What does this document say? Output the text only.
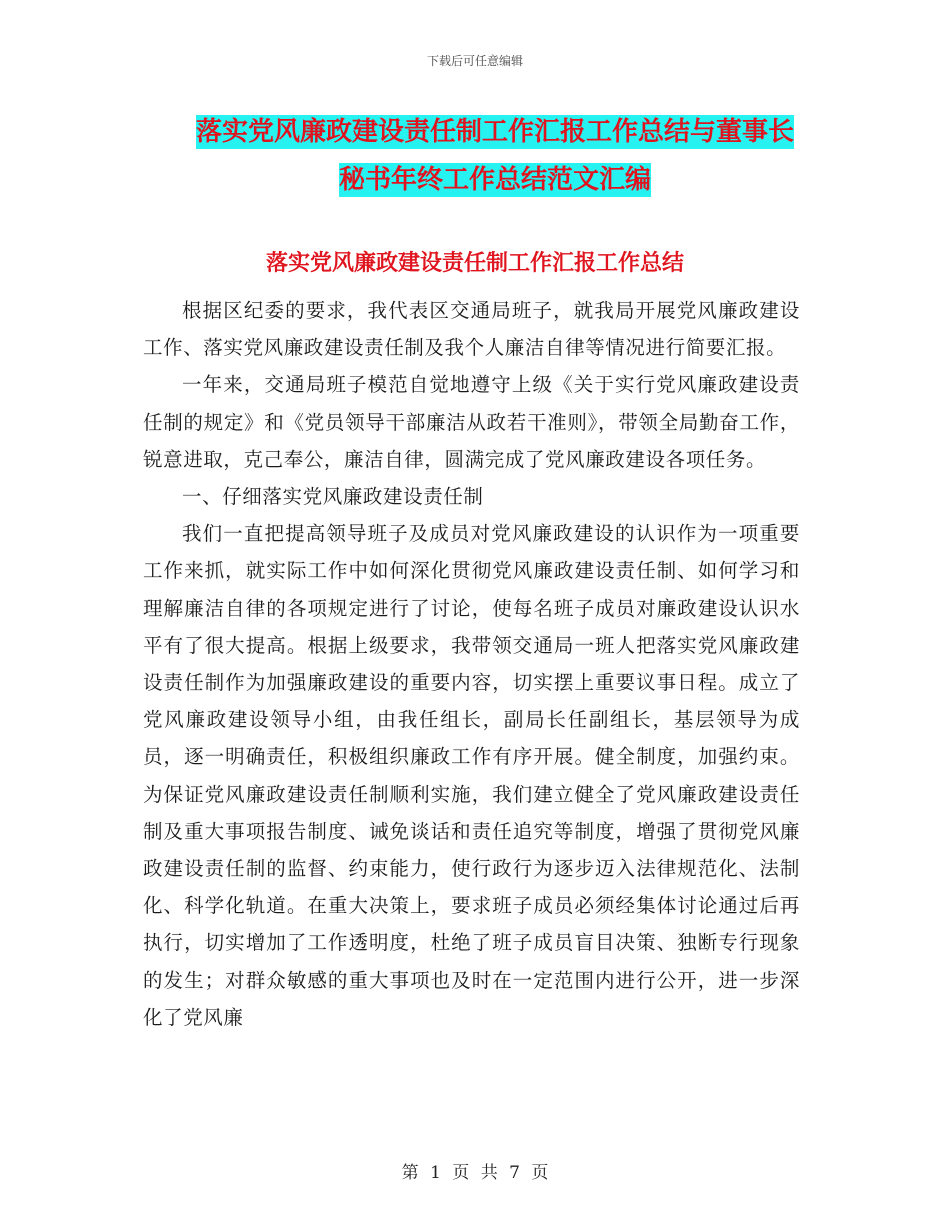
下载后可任意编辑
落实党风廉政建设责任制工作汇报工作总结与董事长
秘书年终工作总结范文汇编
落实党风廉政建设责任制工作汇报工作总结

根据区纪委的要求，我代表区交通局班子，就我局开展党风廉政建设工作、落实党风廉政建设责任制及我个人廉洁自律等情况进行简要汇报。

一年来，交通局班子模范自觉地遵守上级《关于实行党风廉政建设责任制的规定》和《党员领导干部廉洁从政若干准则》，带领全局勤奋工作，锐意进取，克己奉公，廉洁自律，圆满完成了党风廉政建设各项任务。

一、仔细落实党风廉政建设责任制

我们一直把提高领导班子及成员对党风廉政建设的认识作为一项重要工作来抓，就实际工作中如何深化贯彻党风廉政建设责任制、如何学习和理解廉洁自律的各项规定进行了讨论，使每名班子成员对廉政建设认识水平有了很大提高。根据上级要求，我带领交通局一班人把落实党风廉政建设责任制作为加强廉政建设的重要内容，切实摆上重要议事日程。成立了党风廉政建设领导小组，由我任组长，副局长任副组长，基层领导为成员，逐一明确责任，积极组织廉政工作有序开展。健全制度，加强约束。为保证党风廉政建设责任制顺利实施，我们建立健全了党风廉政建设责任制及重大事项报告制度、诫免谈话和责任追究等制度，增强了贯彻党风廉政建设责任制的监督、约束能力，使行政行为逐步迈入法律规范化、法制化、科学化轨道。在重大决策上，要求班子成员必须经集体讨论通过后再执行，切实增加了工作透明度，杜绝了班子成员盲目决策、独断专行现象的发生；对群众敏感的重大事项也及时在一定范围内进行公开，进一步深化了党风廉

第 1 页 共 7 页
